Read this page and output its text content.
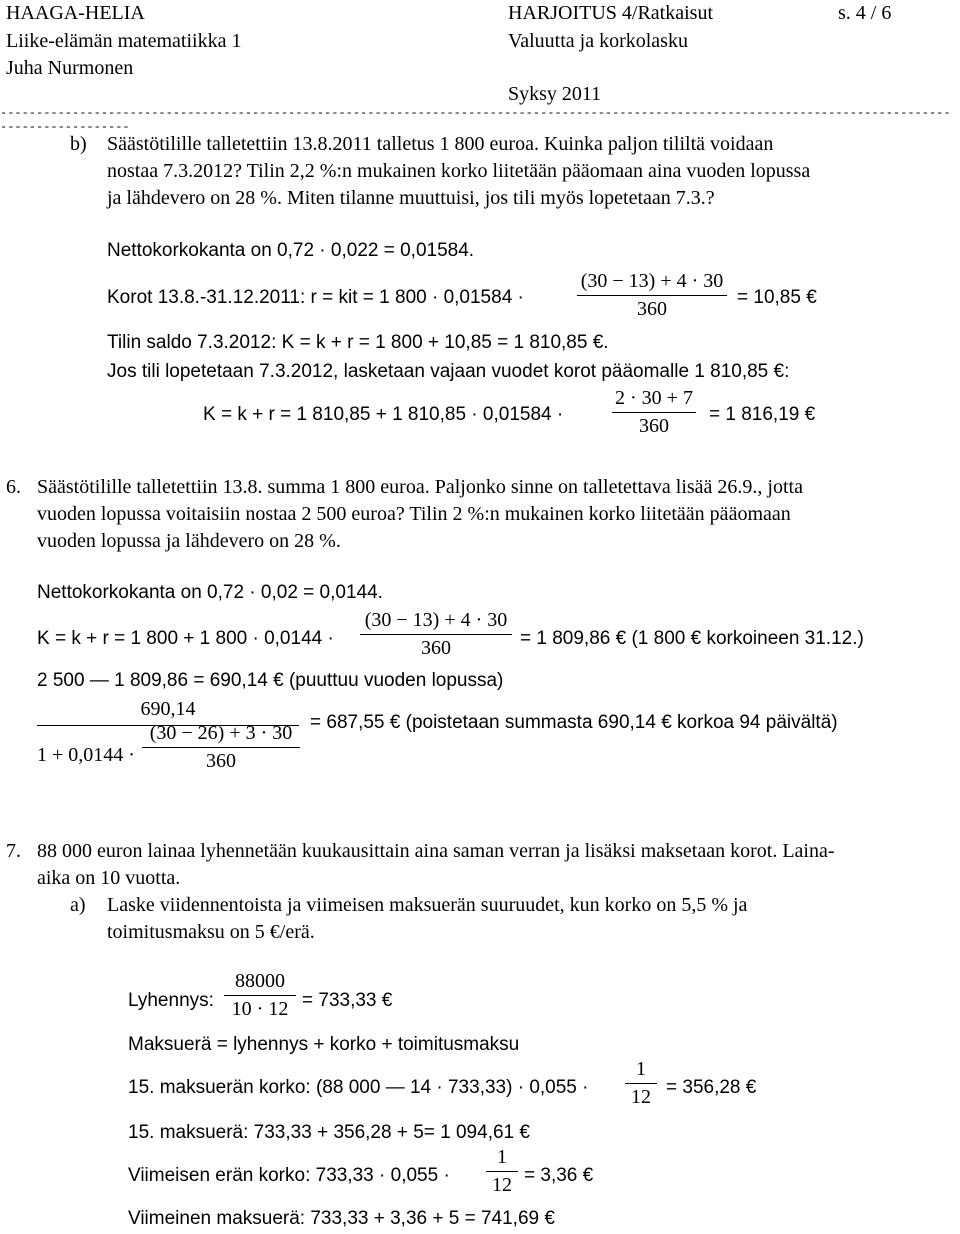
HAAGA-HELIA
Liike-elämän matematiikka 1
Juha Nurmonen
HARJOITUS 4/Ratkaisut
Valuutta ja korkolasku
Syksy 2011
s. 4 / 6
------------------------------------------------------------------------------------------------------------------------------------------------------
b) Säästötilille talletettiin 13.8.2011 talletus 1 800 euroa. Kuinka paljon tililtä voidaan
nostaa 7.3.2012? Tilin 2,2 %:n mukainen korko liitetään pääomaan aina vuoden lopussa
ja lähdevero on 28 %. Miten tilanne muuttuisi, jos tili myös lopetetaan 7.3.?
Nettokorkokanta on 0,72 · 0,022 = 0,01584.
Korot 13.8.-31.12.2011: r = kit = 1 800 · 0,01584 ·
(30 − 13) + 4 · 30
360
= 10,85 €
Tilin saldo 7.3.2012: K = k + r = 1 800 + 10,85 = 1 810,85 €.
Jos tili lopetetaan 7.3.2012, lasketaan vajaan vuodet korot pääomalle 1 810,85 €:
K = k + r = 1 810,85 + 1 810,85 · 0,01584 ·
2 · 30 + 7
360
= 1 816,19 €
6. Säästötilille talletettiin 13.8. summa 1 800 euroa. Paljonko sinne on talletettava lisää 26.9., jotta
vuoden lopussa voitaisiin nostaa 2 500 euroa? Tilin 2 %:n mukainen korko liitetään pääomaan
vuoden lopussa ja lähdevero on 28 %.
Nettokorkokanta on 0,72 · 0,02 = 0,0144.
K = k + r = 1 800 + 1 800 · 0,0144 ·
(30 − 13) + 4 · 30
360	= 1 809,86 € (1 800 € korkoineen 31.12.)
2 500 — 1 809,86 = 690,14 € (puuttuu vuoden lopussa)
690,14
1 + 0,0144 ·
(30 − 26) + 3 · 30
360
= 687,55 € (poistetaan summasta 690,14 € korkoa 94 päivältä)
7. 88 000 euron lainaa lyhennetään kuukausittain aina saman verran ja lisäksi maksetaan korot. Laina-
aika on 10 vuotta.
a) Laske viidennentoista ja viimeisen maksuerän suuruudet, kun korko on 5,5 % ja
toimitusmaksu on 5 €/erä.
Lyhennys:
88000
10 · 12 = 733,33 €
Maksuerä = lyhennys + korko + toimitusmaksu
15. maksuerän korko: (88 000 — 14 · 733,33) · 0,055 ·
1
12 = 356,28 €
15. maksuerä: 733,33 + 356,28 + 5= 1 094,61 €
Viimeisen erän korko: 733,33 · 0,055 ·
1
12 = 3,36 €
Viimeinen maksuerä: 733,33 + 3,36 + 5 = 741,69 €
